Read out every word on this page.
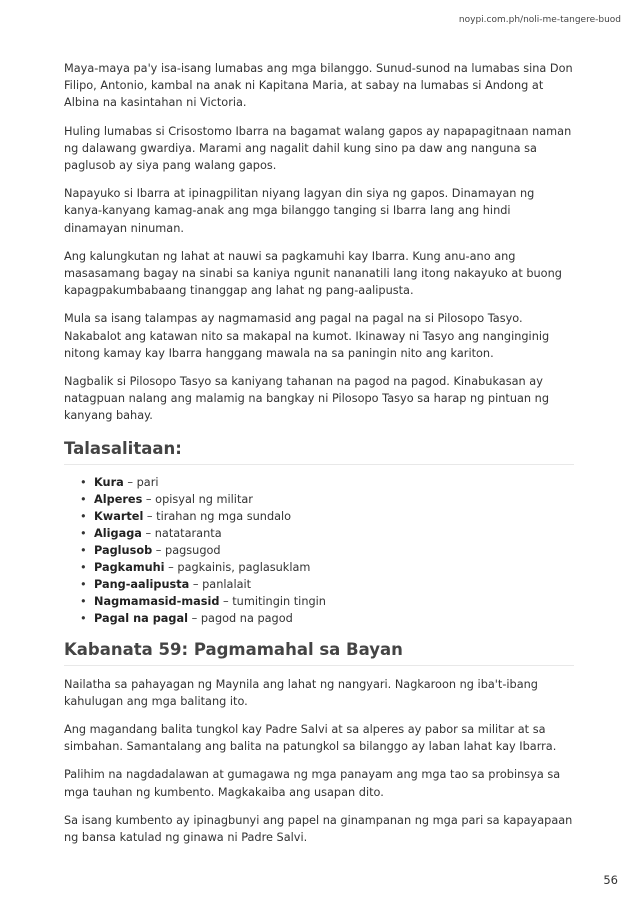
noypi.com.ph/noli-me-tangere-buod

Maya-maya pa'y isa-isang lumabas ang mga bilanggo. Sunud-sunod na lumabas sina Don Filipo, Antonio, kambal na anak ni Kapitana Maria, at sabay na lumabas si Andong at Albina na kasintahan ni Victoria.

Huling lumabas si Crisostomo Ibarra na bagamat walang gapos ay napapagitnaan naman ng dalawang gwardiya. Marami ang nagalit dahil kung sino pa daw ang nanguna sa paglusob ay siya pang walang gapos.

Napayuko si Ibarra at ipinagpilitan niyang lagyan din siya ng gapos. Dinamayan ng kanya-kanyang kamag-anak ang mga bilanggo tanging si Ibarra lang ang hindi dinamayan ninuman.

Ang kalungkutan ng lahat at nauwi sa pagkamuhi kay Ibarra. Kung anu-ano ang masasamang bagay na sinabi sa kaniya ngunit nananatili lang itong nakayuko at buong kapagpakumbabaang tinanggap ang lahat ng pang-aalipusta.

Mula sa isang talampas ay nagmamasid ang pagal na pagal na si Pilosopo Tasyo. Nakabalot ang katawan nito sa makapal na kumot. Ikinaway ni Tasyo ang nanginginig nitong kamay kay Ibarra hanggang mawala na sa paningin nito ang kariton.

Nagbalik si Pilosopo Tasyo sa kaniyang tahanan na pagod na pagod. Kinabukasan ay natagpuan nalang ang malamig na bangkay ni Pilosopo Tasyo sa harap ng pintuan ng kanyang bahay.

Talasalitaan:
• Kura – pari
• Alperes – opisyal ng militar
• Kwartel – tirahan ng mga sundalo
• Aligaga – natataranta
• Paglusob – pagsugod
• Pagkamuhi – pagkainis, paglasuklam
• Pang-aalipusta – panlalait
• Nagmamasid-masid – tumitingin tingin
• Pagal na pagal – pagod na pagod
Kabanata 59: Pagmamahal sa Bayan

Nailatha sa pahayagan ng Maynila ang lahat ng nangyari. Nagkaroon ng iba't-ibang kahulugan ang mga balitang ito.

Ang magandang balita tungkol kay Padre Salvi at sa alperes ay pabor sa militar at sa simbahan. Samantalang ang balita na patungkol sa bilanggo ay laban lahat kay Ibarra.

Palihim na nagdadalawan at gumagawa ng mga panayam ang mga tao sa probinsya sa mga tauhan ng kumbento. Magkakaiba ang usapan dito.

Sa isang kumbento ay ipinagbunyi ang papel na ginampanan ng mga pari sa kapayapaan ng bansa katulad ng ginawa ni Padre Salvi.

56
